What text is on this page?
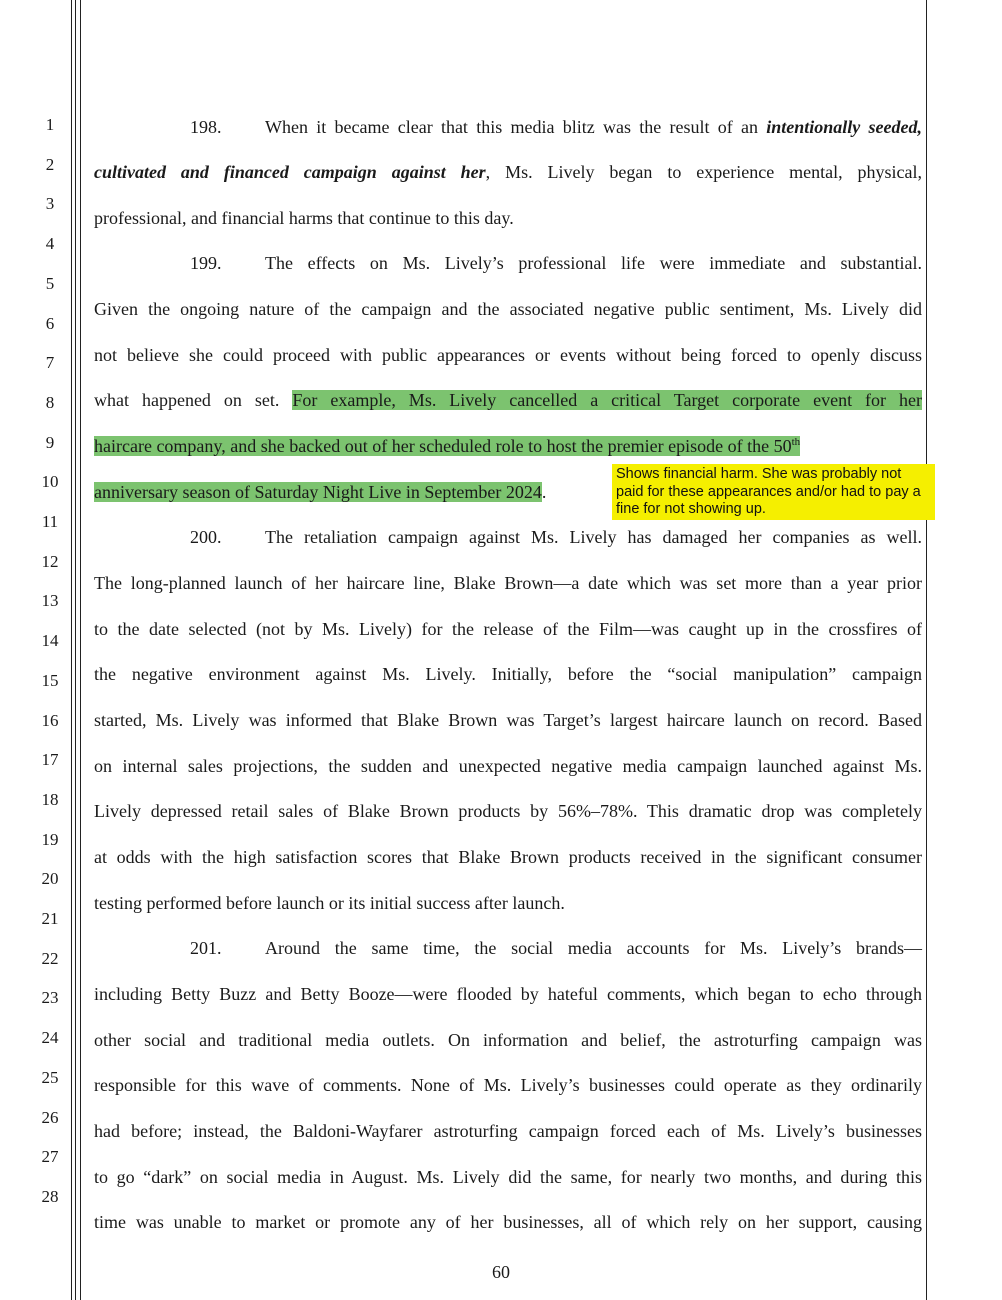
1
2
3
4
5
6
7
8
9
10
11
12
13
14
15
16
17
18
19
20
21
22
23
24
25
26
27
28
198. When it became clear that this media blitz was the result of an intentionally seeded,
cultivated and financed campaign against her, Ms. Lively began to experience mental, physical,
professional, and financial harms that continue to this day.
199. The effects on Ms. Lively’s professional life were immediate and substantial.
Given the ongoing nature of the campaign and the associated negative public sentiment, Ms. Lively did
not believe she could proceed with public appearances or events without being forced to openly discuss
what happened on set. For example, Ms. Lively cancelled a critical Target corporate event for her
haircare company, and she backed out of her scheduled role to host the premier episode of the 50th
anniversary season of Saturday Night Live in September 2024.
Shows financial harm. She was probably not paid for these appearances and/or had to pay a fine for not showing up.
200. The retaliation campaign against Ms. Lively has damaged her companies as well.
The long-planned launch of her haircare line, Blake Brown—a date which was set more than a year prior
to the date selected (not by Ms. Lively) for the release of the Film—was caught up in the crossfires of
the negative environment against Ms. Lively. Initially, before the “social manipulation” campaign
started, Ms. Lively was informed that Blake Brown was Target’s largest haircare launch on record. Based
on internal sales projections, the sudden and unexpected negative media campaign launched against Ms.
Lively depressed retail sales of Blake Brown products by 56%–78%. This dramatic drop was completely
at odds with the high satisfaction scores that Blake Brown products received in the significant consumer
testing performed before launch or its initial success after launch.
201. Around the same time, the social media accounts for Ms. Lively’s brands—
including Betty Buzz and Betty Booze—were flooded by hateful comments, which began to echo through
other social and traditional media outlets. On information and belief, the astroturfing campaign was
responsible for this wave of comments. None of Ms. Lively’s businesses could operate as they ordinarily
had before; instead, the Baldoni-Wayfarer astroturfing campaign forced each of Ms. Lively’s businesses
to go “dark” on social media in August. Ms. Lively did the same, for nearly two months, and during this
time was unable to market or promote any of her businesses, all of which rely on her support, causing
60
